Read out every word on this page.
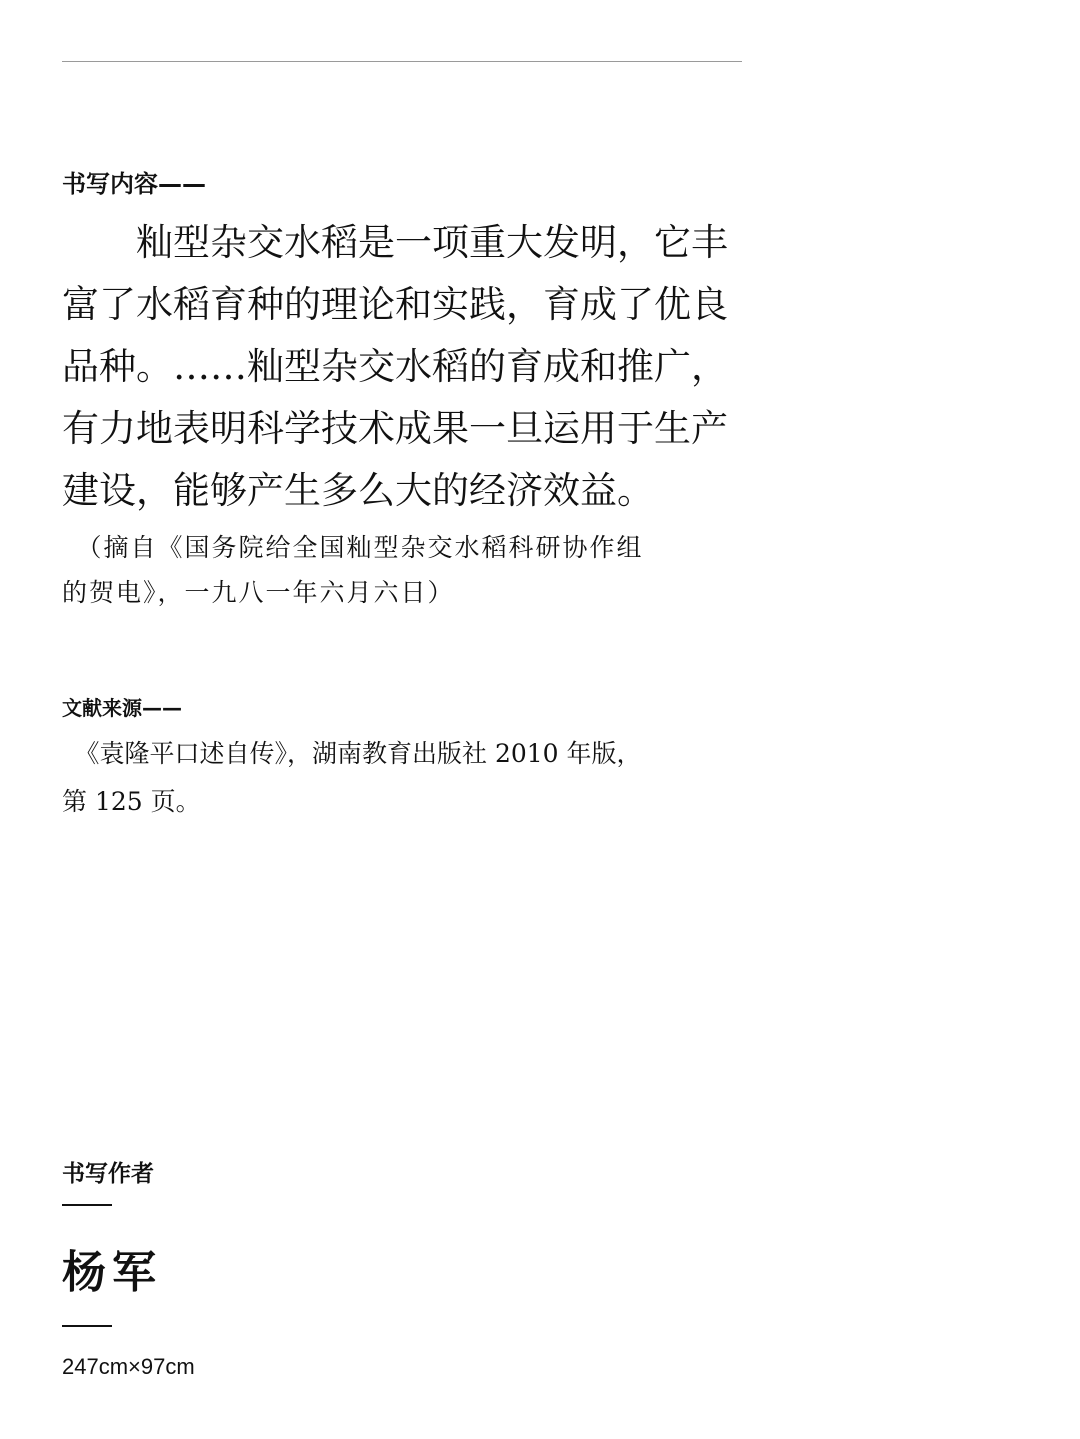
书写内容——
　　籼型杂交水稻是一项重大发明，它丰
富了水稻育种的理论和实践，育成了优良
品种。……籼型杂交水稻的育成和推广，
有力地表明科学技术成果一旦运用于生产
建设，能够产生多么大的经济效益。
　（摘自《国务院给全国籼型杂交水稻科研协作组
的贺电》，一九八一年六月六日）
文献来源——
　《袁隆平口述自传》，湖南教育出版社 2010 年版，
第 125 页。
书写作者
杨军
247cm×97cm
